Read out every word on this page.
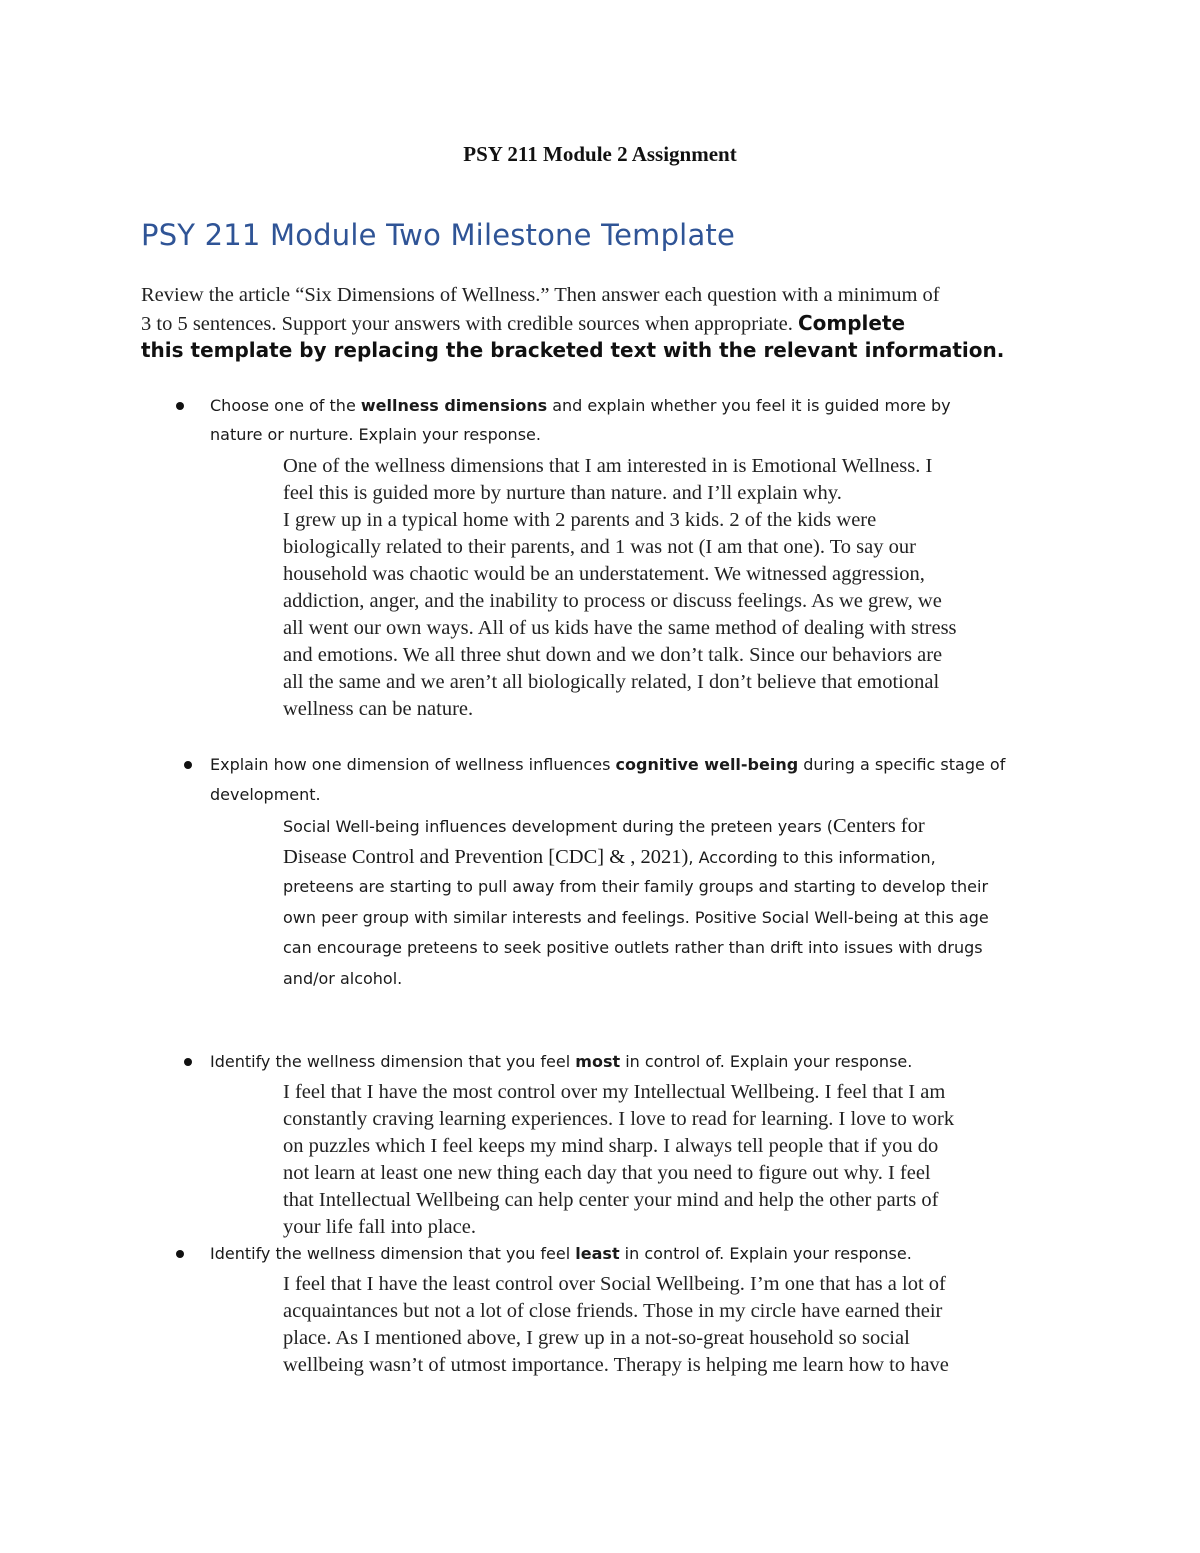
PSY 211 Module 2 Assignment
PSY 211 Module Two Milestone Template
Review the article “Six Dimensions of Wellness.” Then answer each question with a minimum of
3 to 5 sentences. Support your answers with credible sources when appropriate. Complete
this template by replacing the bracketed text with the relevant information.
Choose one of the wellness dimensions and explain whether you feel it is guided more by
nature or nurture. Explain your response.
One of the wellness dimensions that I am interested in is Emotional Wellness. I
feel this is guided more by nurture than nature. and I’ll explain why.
I grew up in a typical home with 2 parents and 3 kids. 2 of the kids were
biologically related to their parents, and 1 was not (I am that one). To say our
household was chaotic would be an understatement. We witnessed aggression,
addiction, anger, and the inability to process or discuss feelings. As we grew, we
all went our own ways. All of us kids have the same method of dealing with stress
and emotions. We all three shut down and we don’t talk. Since our behaviors are
all the same and we aren’t all biologically related, I don’t believe that emotional
wellness can be nature.
Explain how one dimension of wellness influences cognitive well-being during a specific stage of
development.
Social Well-being influences development during the preteen years (Centers for
Disease Control and Prevention [CDC] & , 2021), According to this information,
preteens are starting to pull away from their family groups and starting to develop their
own peer group with similar interests and feelings. Positive Social Well-being at this age
can encourage preteens to seek positive outlets rather than drift into issues with drugs
and/or alcohol.
Identify the wellness dimension that you feel most in control of. Explain your response.
I feel that I have the most control over my Intellectual Wellbeing. I feel that I am
constantly craving learning experiences. I love to read for learning. I love to work
on puzzles which I feel keeps my mind sharp. I always tell people that if you do
not learn at least one new thing each day that you need to figure out why. I feel
that Intellectual Wellbeing can help center your mind and help the other parts of
your life fall into place.
Identify the wellness dimension that you feel least in control of. Explain your response.
I feel that I have the least control over Social Wellbeing. I’m one that has a lot of
acquaintances but not a lot of close friends. Those in my circle have earned their
place. As I mentioned above, I grew up in a not-so-great household so social
wellbeing wasn’t of utmost importance. Therapy is helping me learn how to have
